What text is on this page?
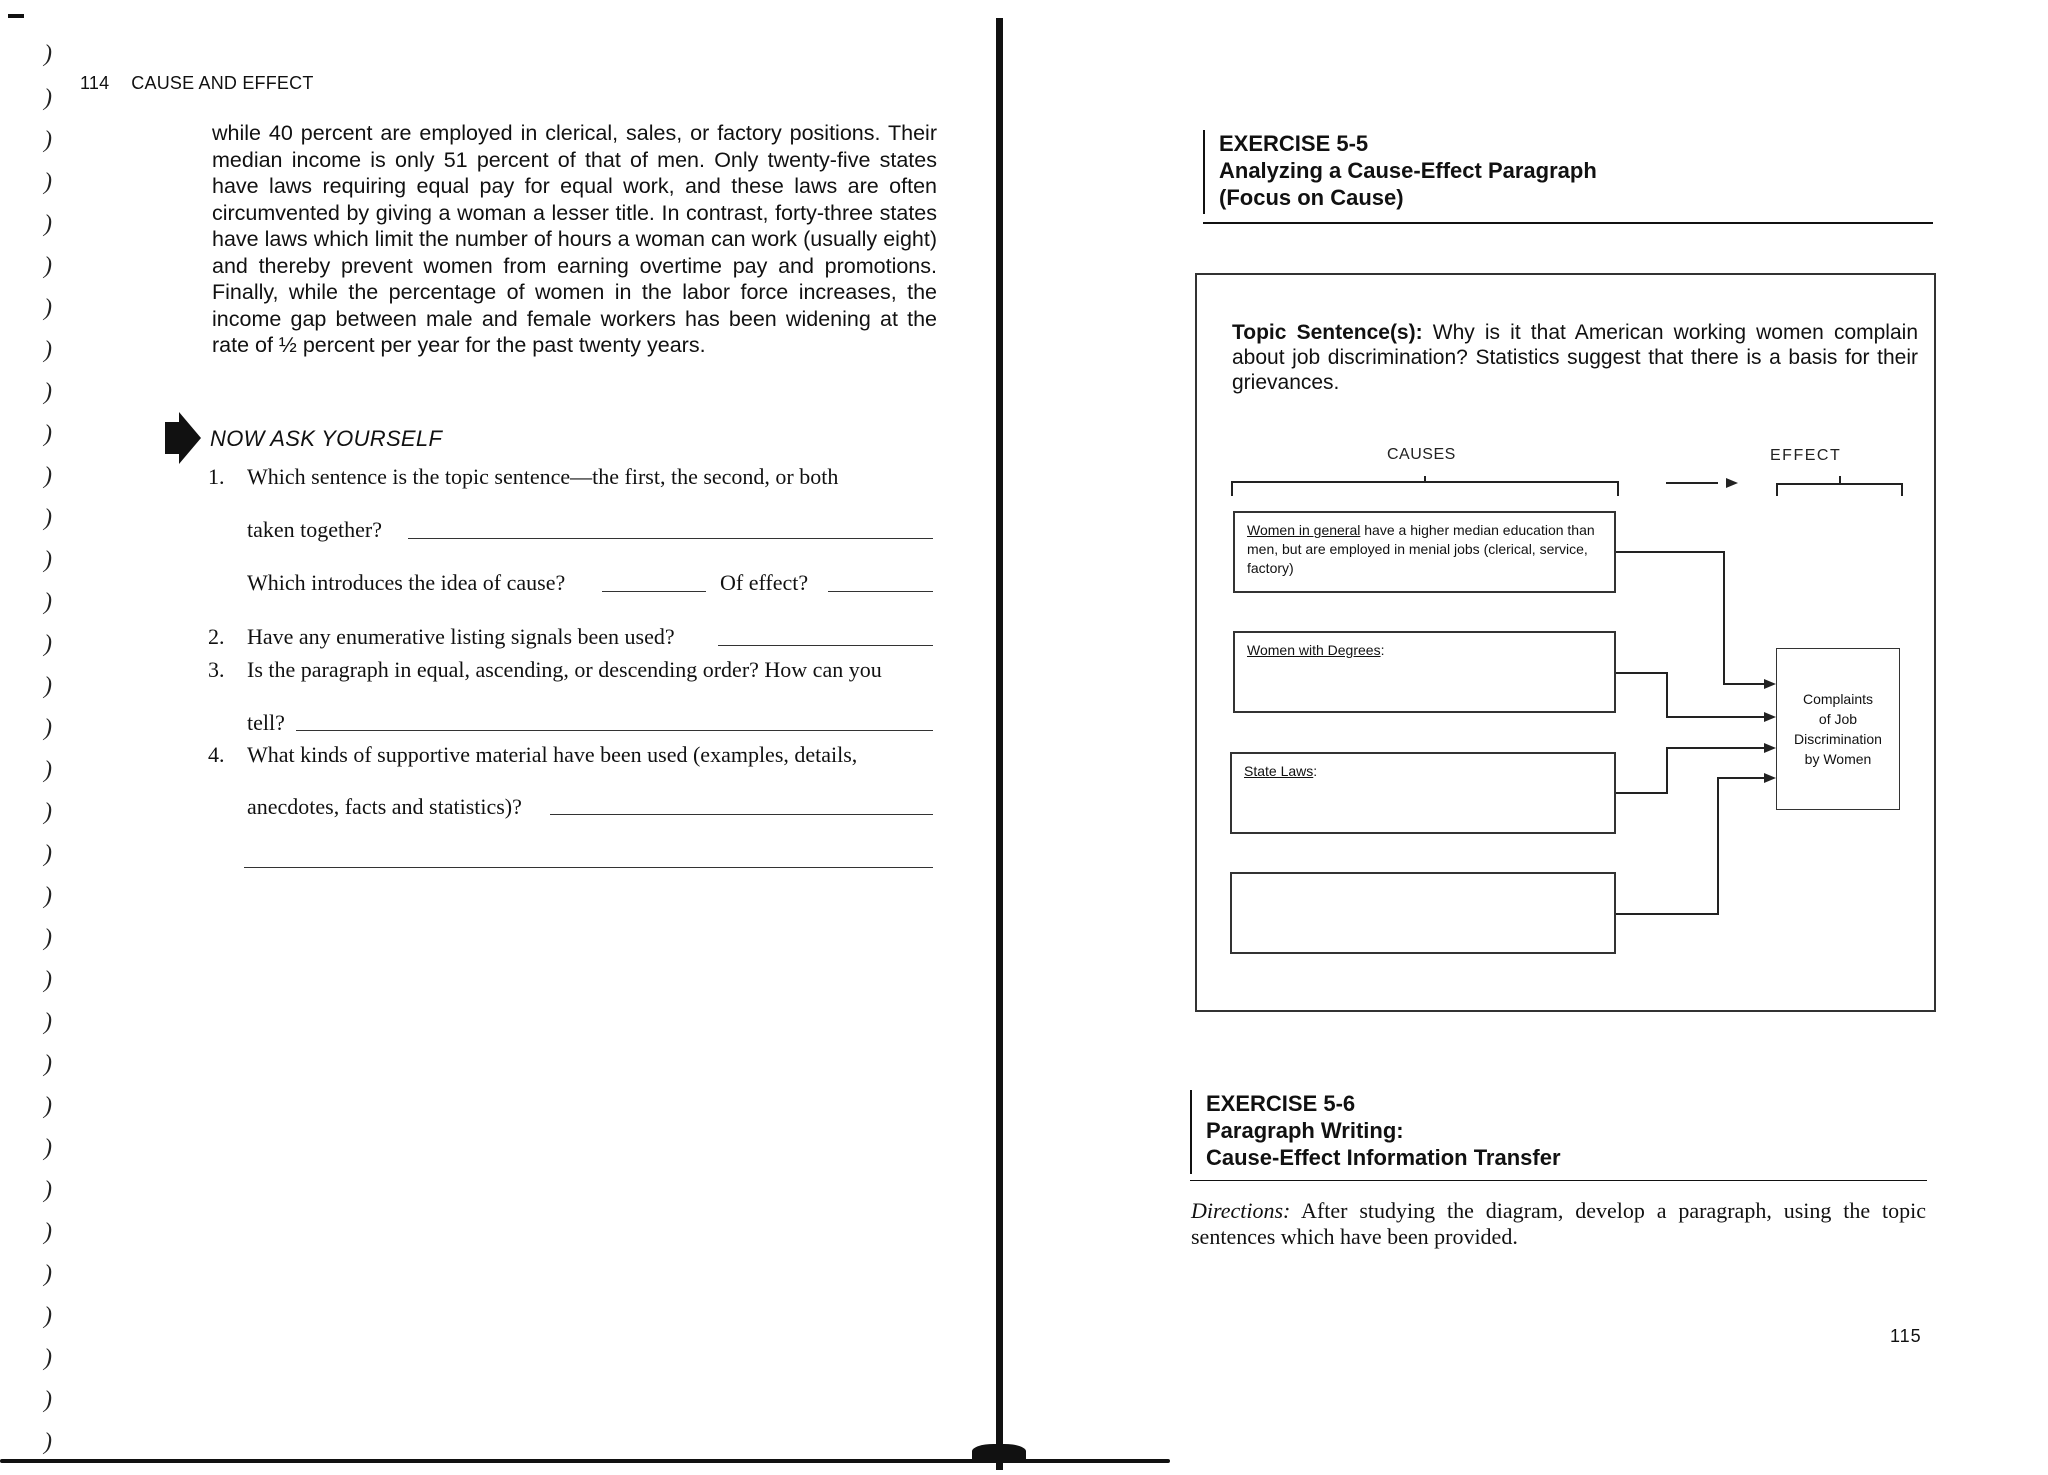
)
)
)
)
)
)
)
)
)
)
)
)
)
)
)
)
)
)
)
)
)
)
)
)
)
)
)
)
)
)
)
)
)
)
114 CAUSE AND EFFECT
while 40 percent are employed in clerical, sales, or factory positions. Their median income is only 51 percent of that of men. Only twenty-five states have laws requiring equal pay for equal work, and these laws are often circumvented by giving a woman a lesser title. In contrast, forty-three states have laws which limit the number of hours a woman can work (usually eight) and thereby prevent women from earning overtime pay and promotions. Finally, while the percentage of women in the labor force increases, the income gap between male and female workers has been widening at the rate of ½ percent per year for the past twenty years.
NOW ASK YOURSELF
1. Which sentence is the topic sentence—the first, the second, or both
taken together?
Which introduces the idea of cause?	Of effect?
2. Have any enumerative listing signals been used?
3. Is the paragraph in equal, ascending, or descending order? How can you
tell?
4. What kinds of supportive material have been used (examples, details,
anecdotes, facts and statistics)?
EXERCISE 5-5
Analyzing a Cause-Effect Paragraph
(Focus on Cause)
Topic Sentence(s): Why is it that American working women complain about job discrimination? Statistics suggest that there is a basis for their grievances.
CAUSES	EFFECT
Women in general have a higher median education than men, but are employed in menial jobs (clerical, service, factory)
Women with Degrees:
State Laws:
Complaints
of Job
Discrimination
by Women
EXERCISE 5-6
Paragraph Writing:
Cause-Effect Information Transfer
Directions: After studying the diagram, develop a paragraph, using the topic sentences which have been provided.
115
